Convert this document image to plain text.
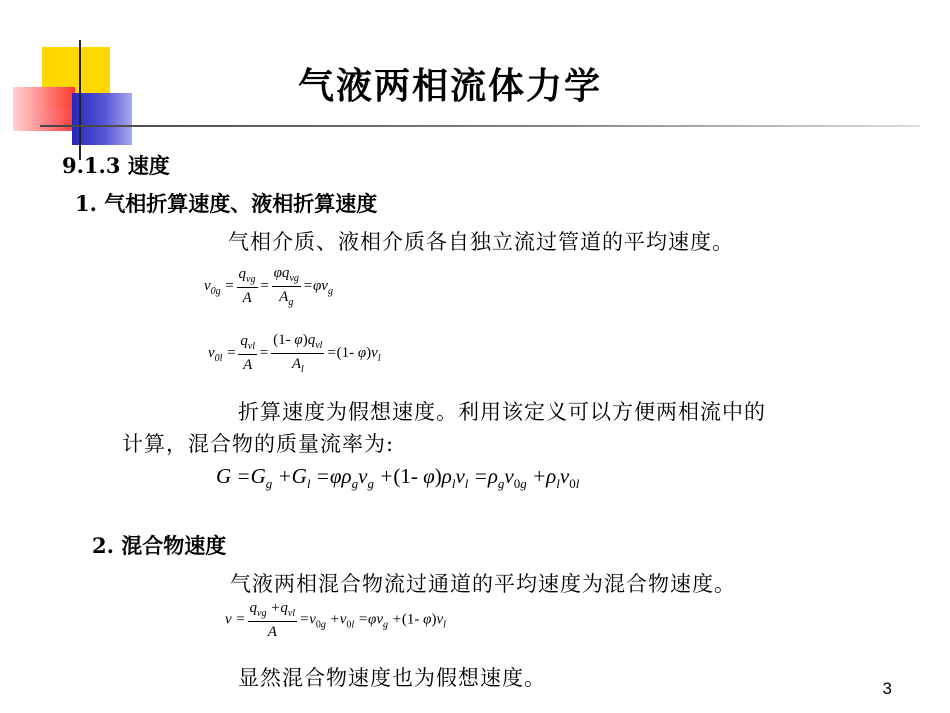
气液两相流体力学
9.1.3 速度
1. 气相折算速度、液相折算速度
气相介质、液相介质各自独立流过管道的平均速度。
$v_{0g} = \frac{q_{vg}}{A} = \frac{\varphi q_{vg}}{A_g} =\varphi v_g$
$v_{0l} = \frac{q_{vl}}{A} = \frac{(1- \varphi)q_{vl}}{A_l} =(1-$ $\varphi)v_l$
折算速度为假想速度。利用该定义可以方便两相流中的
计算，混合物的质量流率为:
$G =G_g +G_l =\varphi\rho_gv_g +(1-$ $\varphi)\rho_lv_l =\rho_gv_{0g} +\rho_lv_{0l}$
2. 混合物速度
气液两相混合物流过通道的平均速度为混合物速度。
$v = \frac{q_{vg} +q_{vl}}{A} =v_{0g} +v_{0l} =\varphi v_g +(1-$ $\varphi)v_l$
显然混合物速度也为假想速度。	3
